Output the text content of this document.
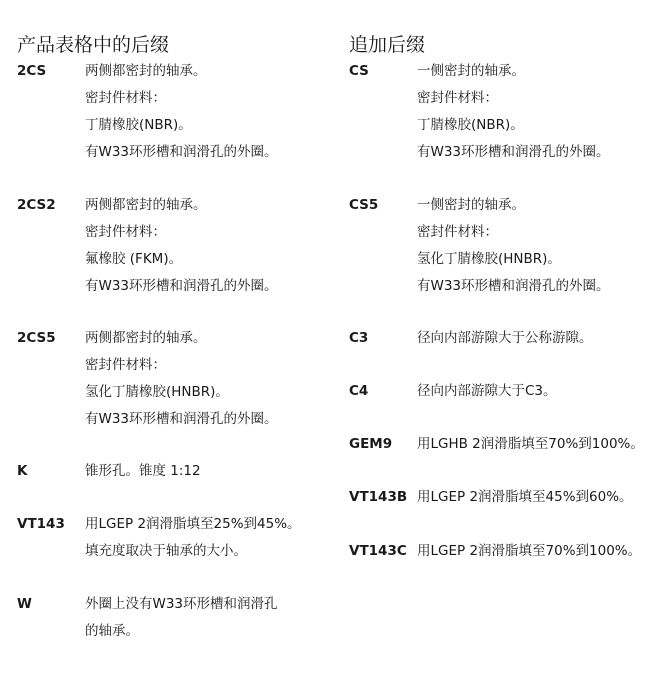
产品表格中的后缀
2CS	两侧都密封的轴承。
密封件材料：
丁腈橡胶(NBR)。
有W33环形槽和润滑孔的外圈。
2CS2 两侧都密封的轴承。
密封件材料：
氟橡胶 (FKM)。
有W33环形槽和润滑孔的外圈。
2CS5 两侧都密封的轴承。
密封件材料：
氢化丁腈橡胶(HNBR)。
有W33环形槽和润滑孔的外圈。
K	锥形孔。锥度 1:12
VT143 用LGEP 2润滑脂填至25%到45%。
填充度取决于轴承的大小。
W	外圈上没有W33环形槽和润滑孔
的轴承。
追加后缀
CS	一侧密封的轴承。
密封件材料：
丁腈橡胶(NBR)。
有W33环形槽和润滑孔的外圈。
CS5	一侧密封的轴承。
密封件材料：
氢化丁腈橡胶(HNBR)。
有W33环形槽和润滑孔的外圈。
C3	径向内部游隙大于公称游隙。
C4	径向内部游隙大于C3。
GEM9 用LGHB 2润滑脂填至70%到100%。
VT143B 用LGEP 2润滑脂填至45%到60%。
VT143C 用LGEP 2润滑脂填至70%到100%。
